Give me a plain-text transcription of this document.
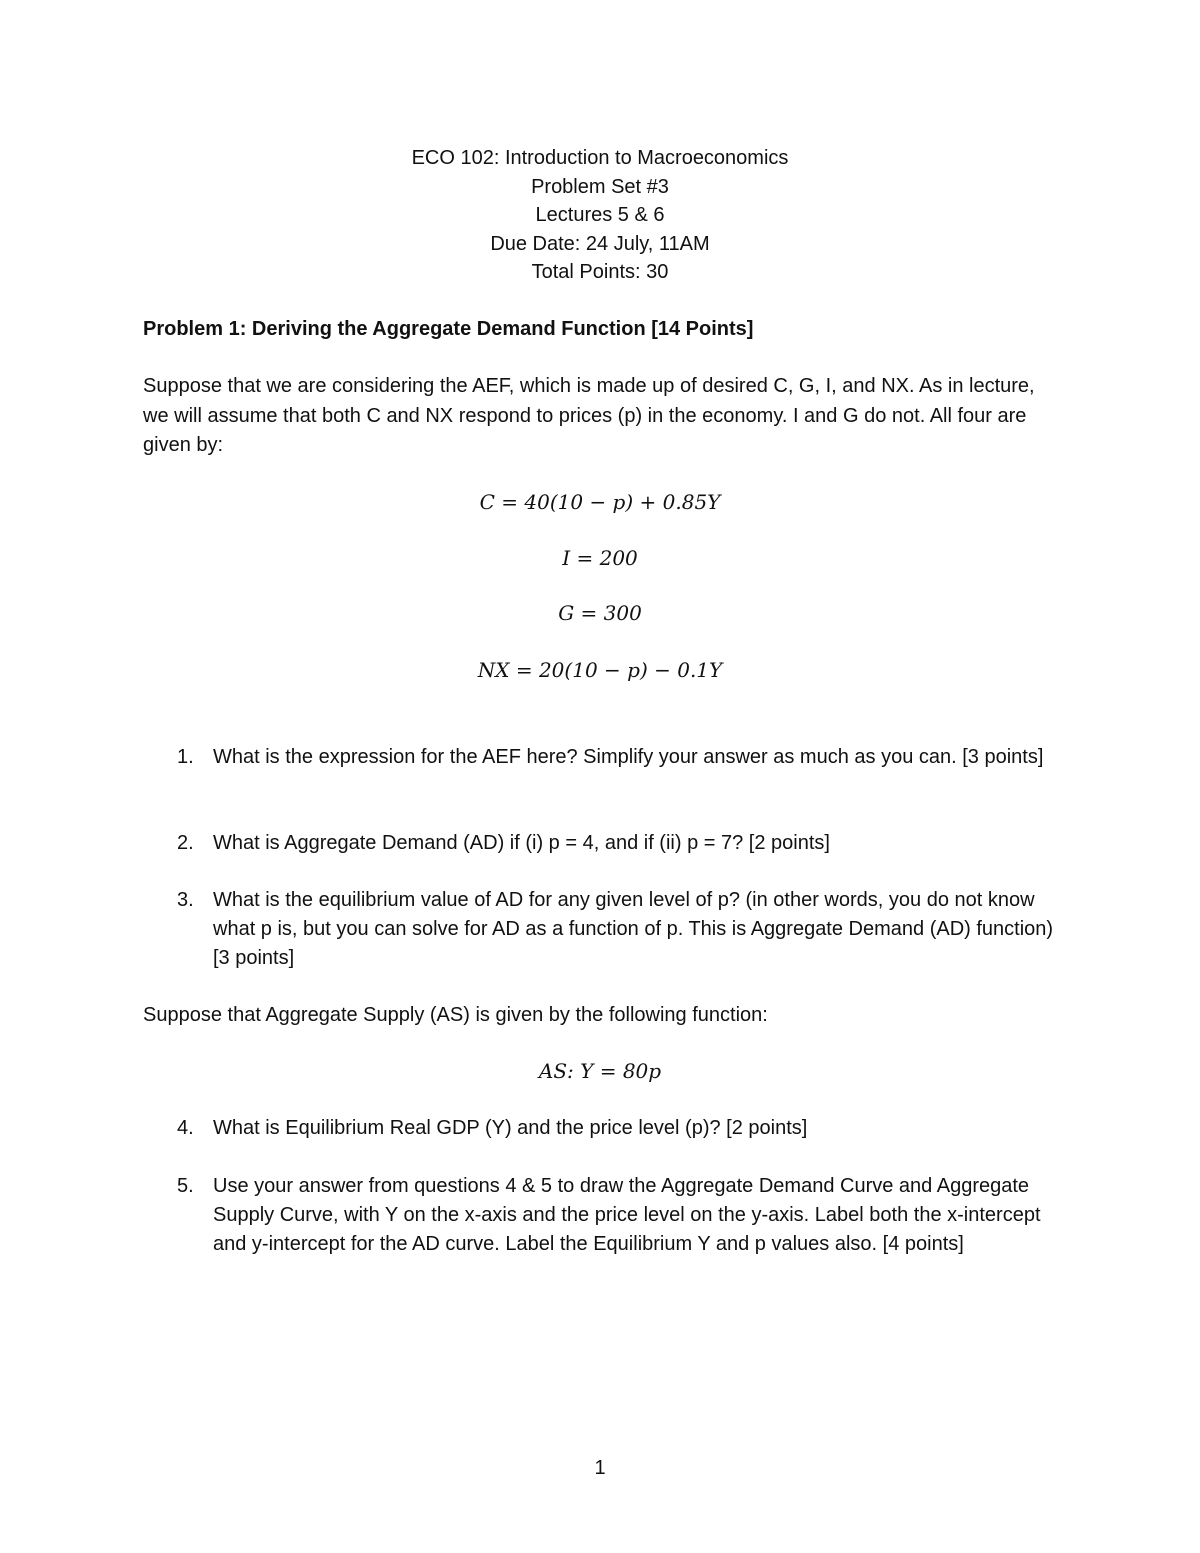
ECO 102: Introduction to Macroeconomics
Problem Set #3
Lectures 5 & 6
Due Date: 24 July, 11AM
Total Points: 30
Problem 1: Deriving the Aggregate Demand Function [14 Points]
Suppose that we are considering the AEF, which is made up of desired C, G, I, and NX. As in lecture, we will assume that both C and NX respond to prices (p) in the economy. I and G do not. All four are given by:
C = 40(10 − p) + 0.85Y
I = 200
G = 300
NX = 20(10 − p) − 0.1Y
1. What is the expression for the AEF here? Simplify your answer as much as you can. [3 points]
2. What is Aggregate Demand (AD) if (i) p = 4, and if (ii) p = 7? [2 points]
3. What is the equilibrium value of AD for any given level of p? (in other words, you do not know what p is, but you can solve for AD as a function of p. This is Aggregate Demand (AD) function) [3 points]
Suppose that Aggregate Supply (AS) is given by the following function:
AS: Y = 80p
4. What is Equilibrium Real GDP (Y) and the price level (p)? [2 points]
5. Use your answer from questions 4 & 5 to draw the Aggregate Demand Curve and Aggregate Supply Curve, with Y on the x-axis and the price level on the y-axis. Label both the x-intercept and y-intercept for the AD curve. Label the Equilibrium Y and p values also. [4 points]
1
